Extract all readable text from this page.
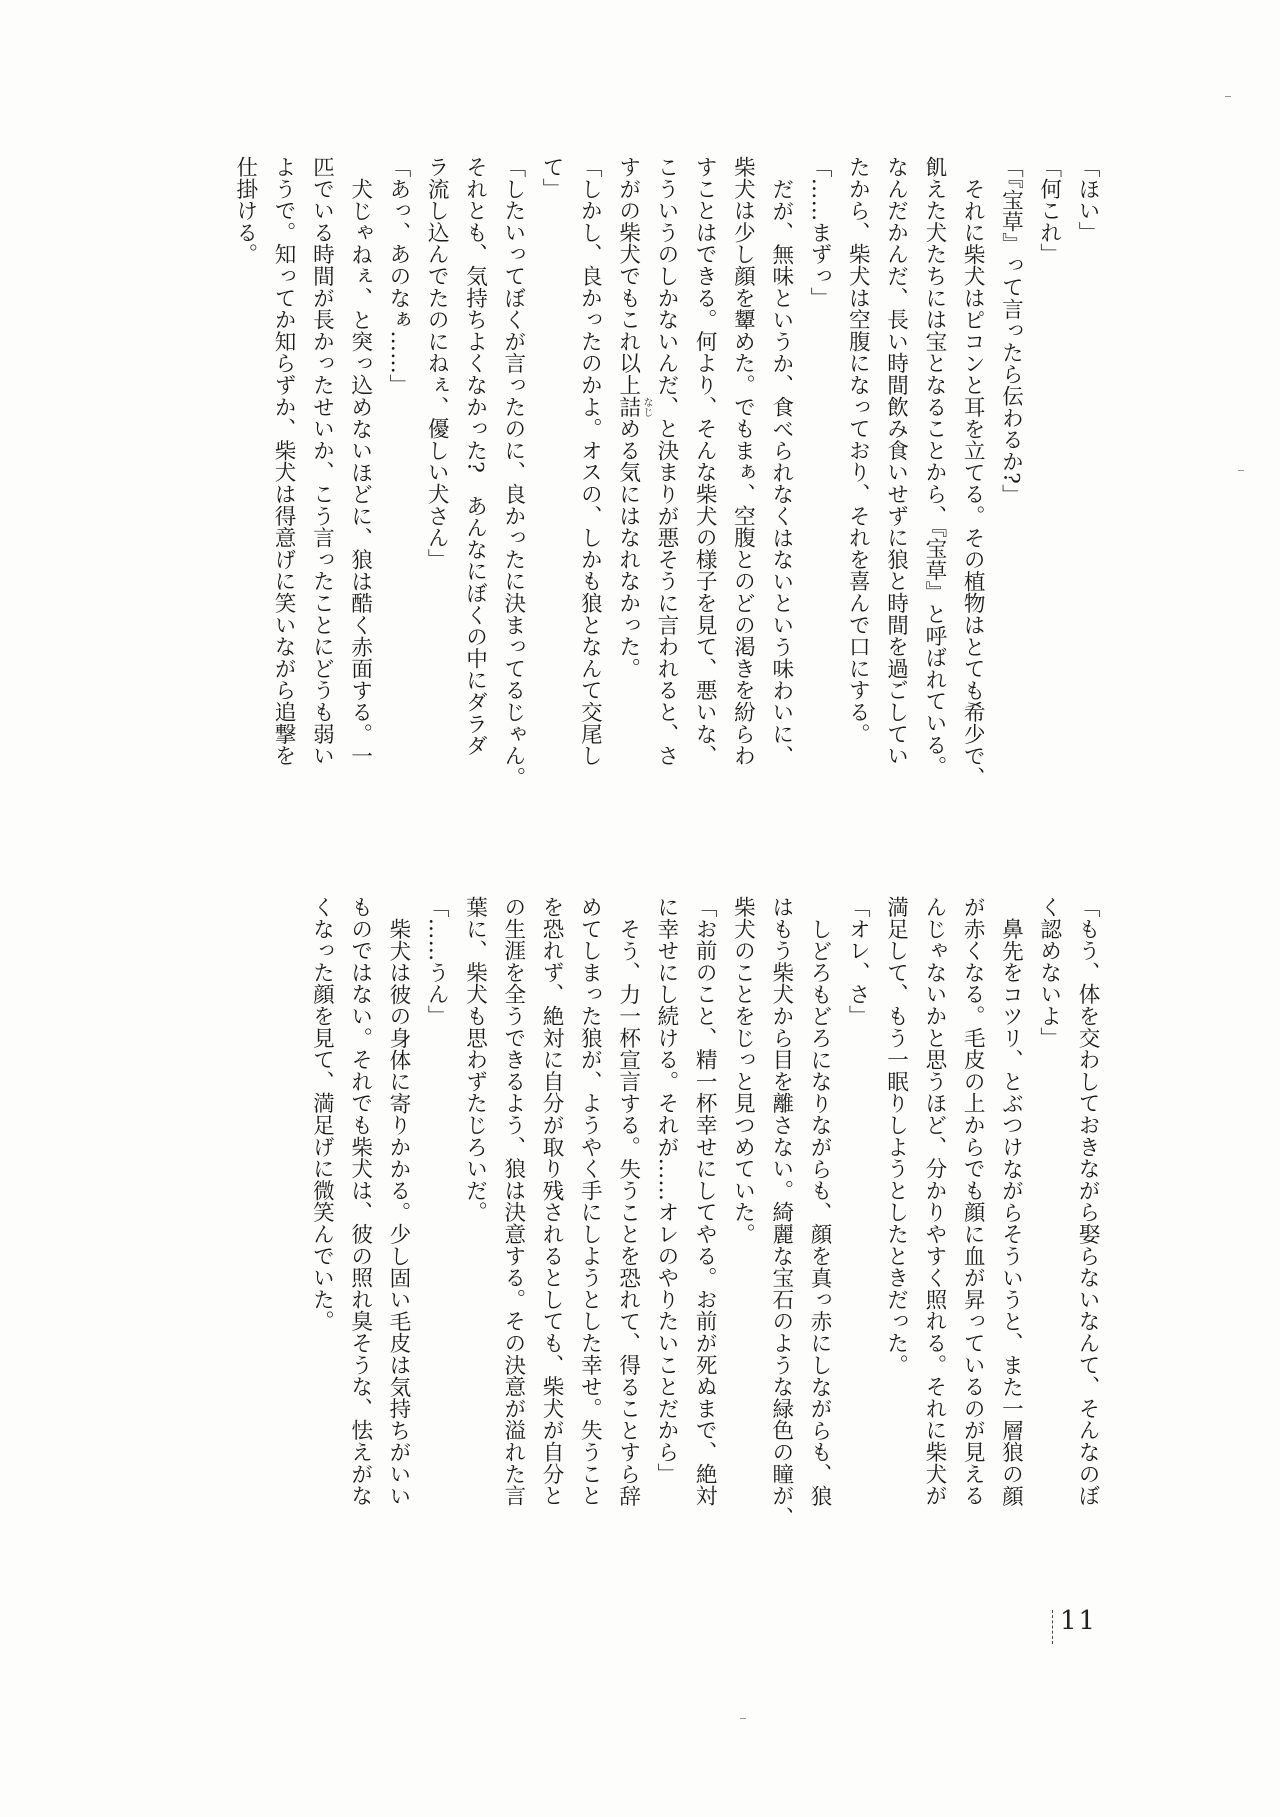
「ほい」
「何これ」
「『宝草』って言ったら伝わるか?」
それに柴犬はピコンと耳を立てる。その植物はとても希少で、
飢えた犬たちには宝となることから、『宝草』と呼ばれている。
なんだかんだ、長い時間飲み食いせずに狼と時間を過ごしてい
たから、柴犬は空腹になっており、それを喜んで口にする。
「……まずっ」
だが、無味というか、食べられなくはないという味わいに、
柴犬は少し顔を顰めた。でもまぁ、空腹とのどの渇きを紛らわ
すことはできる。何より、そんな柴犬の様子を見て、悪いな、
こういうのしかないんだ、と決まりが悪そうに言われると、さ
すがの柴犬でもこれ以上詰める気にはなれなかった。
「しかし、良かったのかよ。オスの、しかも狼となんて交尾し
て」
「したいってぼくが言ったのに、良かったに決まってるじゃん。
それとも、気持ちよくなかった?　あんなにぼくの中にダラダ
ラ流し込んでたのにねぇ、優しい犬さん」
「あっ、あのなぁ……」
犬じゃねぇ、と突っ込めないほどに、狼は酷く赤面する。一
匹でいる時間が長かったせいか、こう言ったことにどうも弱い
ようで。知ってか知らずか、柴犬は得意げに笑いながら追撃を
仕掛ける。
「もう、体を交わしておきながら娶らないなんて、そんなのぼ
く認めないよ」
鼻先をコツリ、とぶつけながらそういうと、また一層狼の顔
が赤くなる。毛皮の上からでも顔に血が昇っているのが見える
んじゃないかと思うほど、分かりやすく照れる。それに柴犬が
満足して、もう一眠りしようとしたときだった。
「オレ、さ」
しどろもどろになりながらも、顔を真っ赤にしながらも、狼
はもう柴犬から目を離さない。綺麗な宝石のような緑色の瞳が、
柴犬のことをじっと見つめていた。
「お前のこと、精一杯幸せにしてやる。お前が死ぬまで、絶対
に幸せにし続ける。それが……オレのやりたいことだから」
そう、力一杯宣言する。失うことを恐れて、得ることすら辞
めてしまった狼が、ようやく手にしようとした幸せ。失うこと
を恐れず、絶対に自分が取り残されるとしても、柴犬が自分と
の生涯を全うできるよう、狼は決意する。その決意が溢れた言
葉に、柴犬も思わずたじろいだ。
「……うん」
柴犬は彼の身体に寄りかかる。少し固い毛皮は気持ちがいい
ものではない。それでも柴犬は、彼の照れ臭そうな、怯えがな
くなった顔を見て、満足げに微笑んでいた。
なじ
11
